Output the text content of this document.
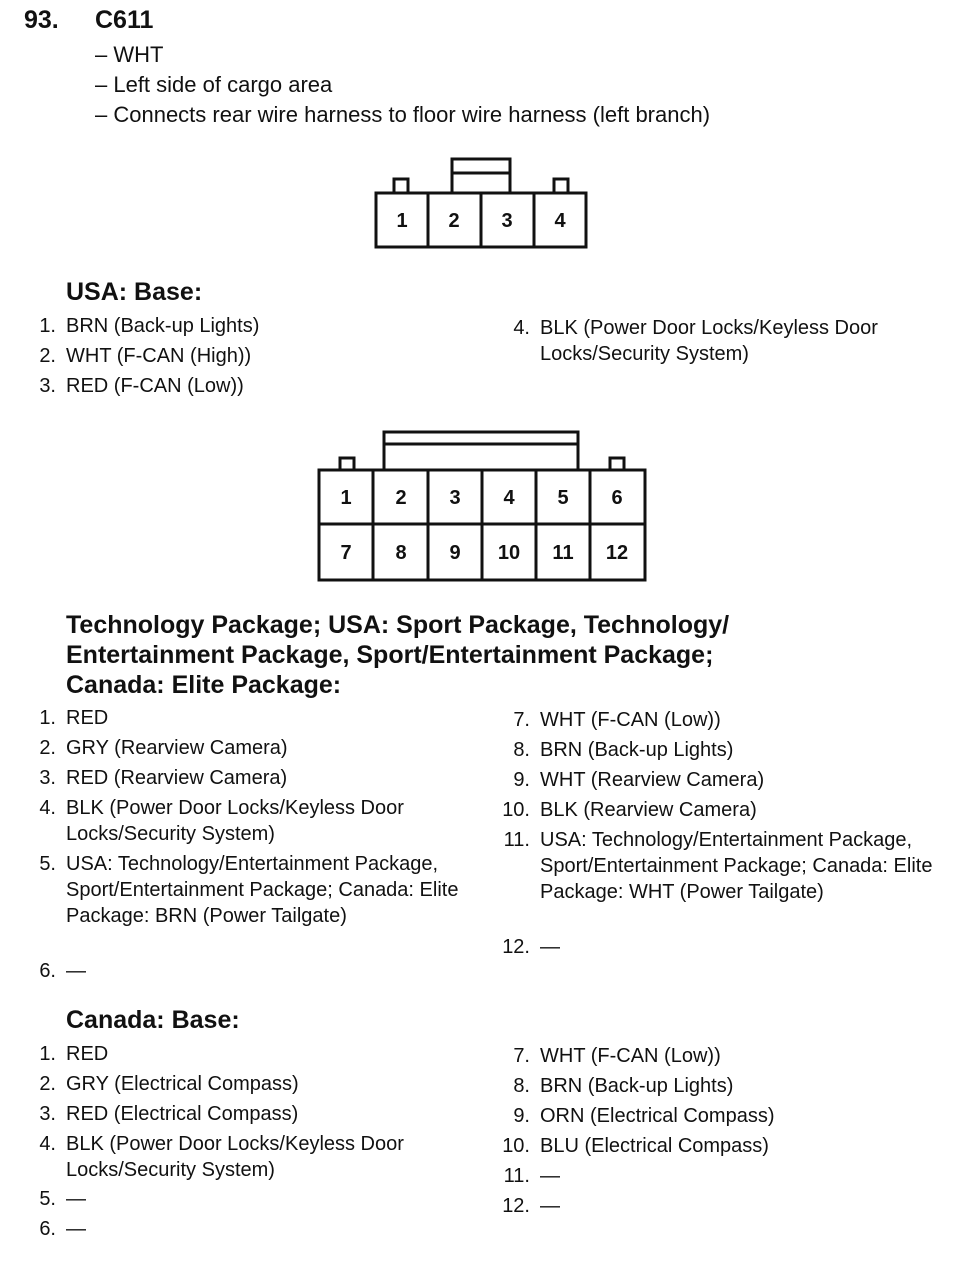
93. C611
– WHT
– Left side of cargo area
– Connects rear wire harness to floor wire harness (left branch)
1 2 3 4
USA: Base:
1. BRN (Back-up Lights)
2. WHT (F-CAN (High))
3. RED (F-CAN (Low))
4. BLK (Power Door Locks/Keyless Door Locks/Security System)
1 2 3 4 5 6
7 8 9 10 11 12
Technology Package; USA: Sport Package, Technology/
Entertainment Package, Sport/Entertainment Package;
Canada: Elite Package:
1. RED
2. GRY (Rearview Camera)
3. RED (Rearview Camera)
4. BLK (Power Door Locks/Keyless Door Locks/Security System)
5. USA: Technology/Entertainment Package, Sport/Entertainment Package; Canada: Elite Package: BRN (Power Tailgate)
6. —
7. WHT (F-CAN (Low))
8. BRN (Back-up Lights)
9. WHT (Rearview Camera)
10. BLK (Rearview Camera)
11. USA: Technology/Entertainment Package, Sport/Entertainment Package; Canada: Elite Package: WHT (Power Tailgate)
12. —
Canada: Base:
1. RED
2. GRY (Electrical Compass)
3. RED (Electrical Compass)
4. BLK (Power Door Locks/Keyless Door Locks/Security System)
5. —
6. —
7. WHT (F-CAN (Low))
8. BRN (Back-up Lights)
9. ORN (Electrical Compass)
10. BLU (Electrical Compass)
11. —
12. —
